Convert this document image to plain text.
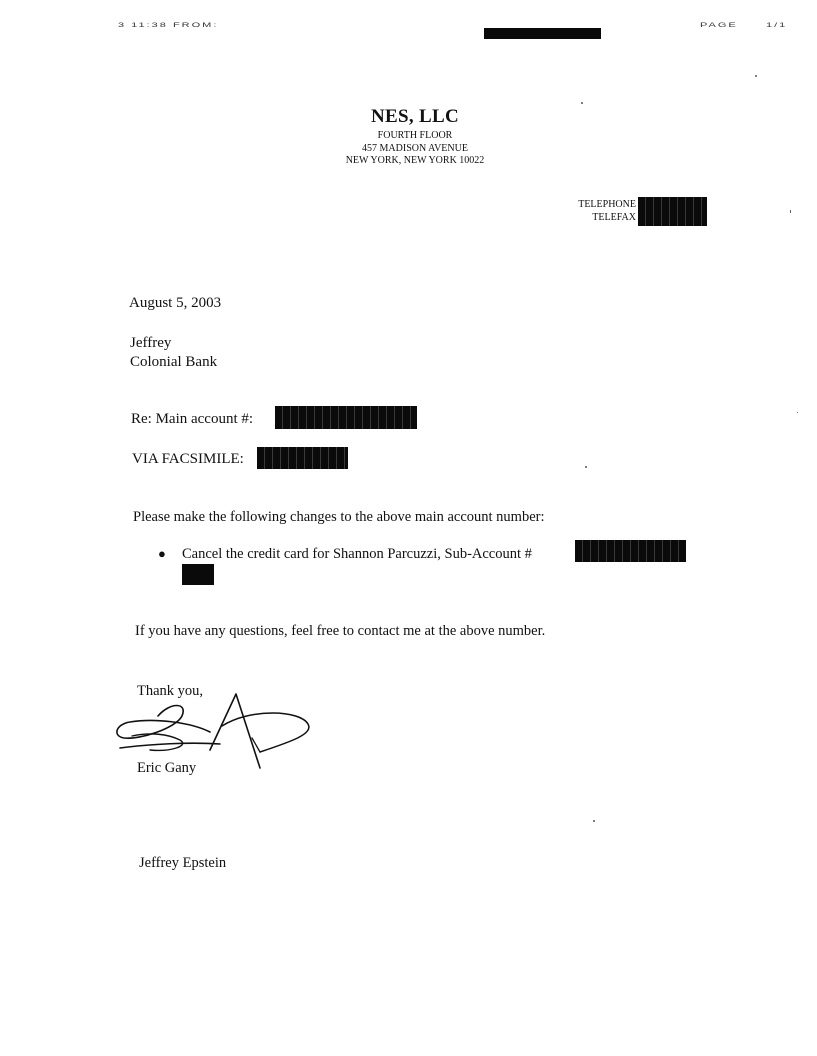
3 11:38 FROM:	PAGE	1/1
NES, LLC
FOURTH FLOOR
457 MADISON AVENUE
NEW YORK, NEW YORK 10022
TELEPHONE
TELEFAX
August 5, 2003
Jeffrey
Colonial Bank
Re: Main account #:
VIA FACSIMILE:
Please make the following changes to the above main account number:
● Cancel the credit card for Shannon Parcuzzi, Sub-Account #
If you have any questions, feel free to contact me at the above number.
Thank you,
Eric Gany
Jeffrey Epstein
